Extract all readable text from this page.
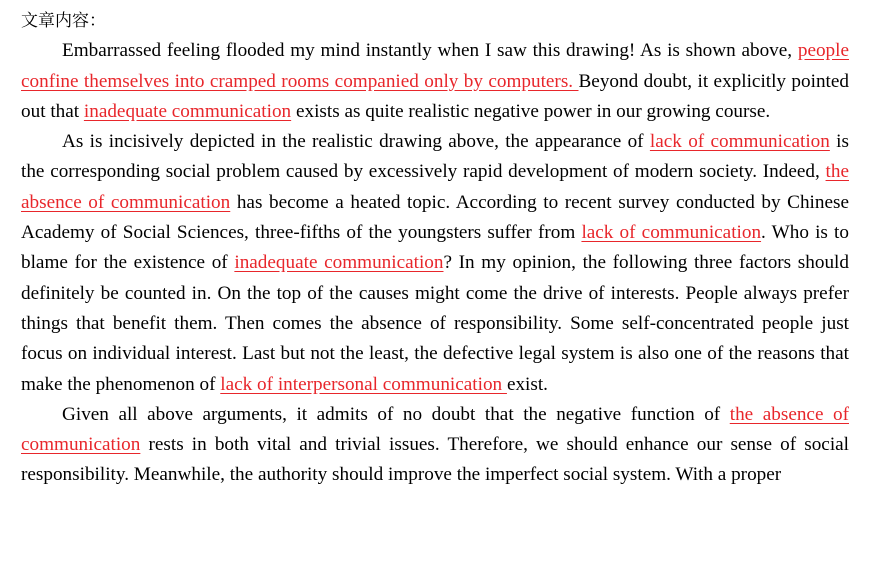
文章内容：

Embarrassed feeling flooded my mind instantly when I saw this drawing! As is shown above, people confine themselves into cramped rooms companied only by computers. Beyond doubt, it explicitly pointed out that inadequate communication exists as quite realistic negative power in our growing course.

As is incisively depicted in the realistic drawing above, the appearance of lack of communication is the corresponding social problem caused by excessively rapid development of modern society. Indeed, the absence of communication has become a heated topic. According to recent survey conducted by Chinese Academy of Social Sciences, three-fifths of the youngsters suffer from lack of communication. Who is to blame for the existence of inadequate communication? In my opinion, the following three factors should definitely be counted in. On the top of the causes might come the drive of interests. People always prefer things that benefit them. Then comes the absence of responsibility. Some self-concentrated people just focus on individual interest. Last but not the least, the defective legal system is also one of the reasons that make the phenomenon of lack of interpersonal communication exist.

Given all above arguments, it admits of no doubt that the negative function of the absence of communication rests in both vital and trivial issues. Therefore, we should enhance our sense of social responsibility. Meanwhile, the authority should improve the imperfect social system. With a proper
